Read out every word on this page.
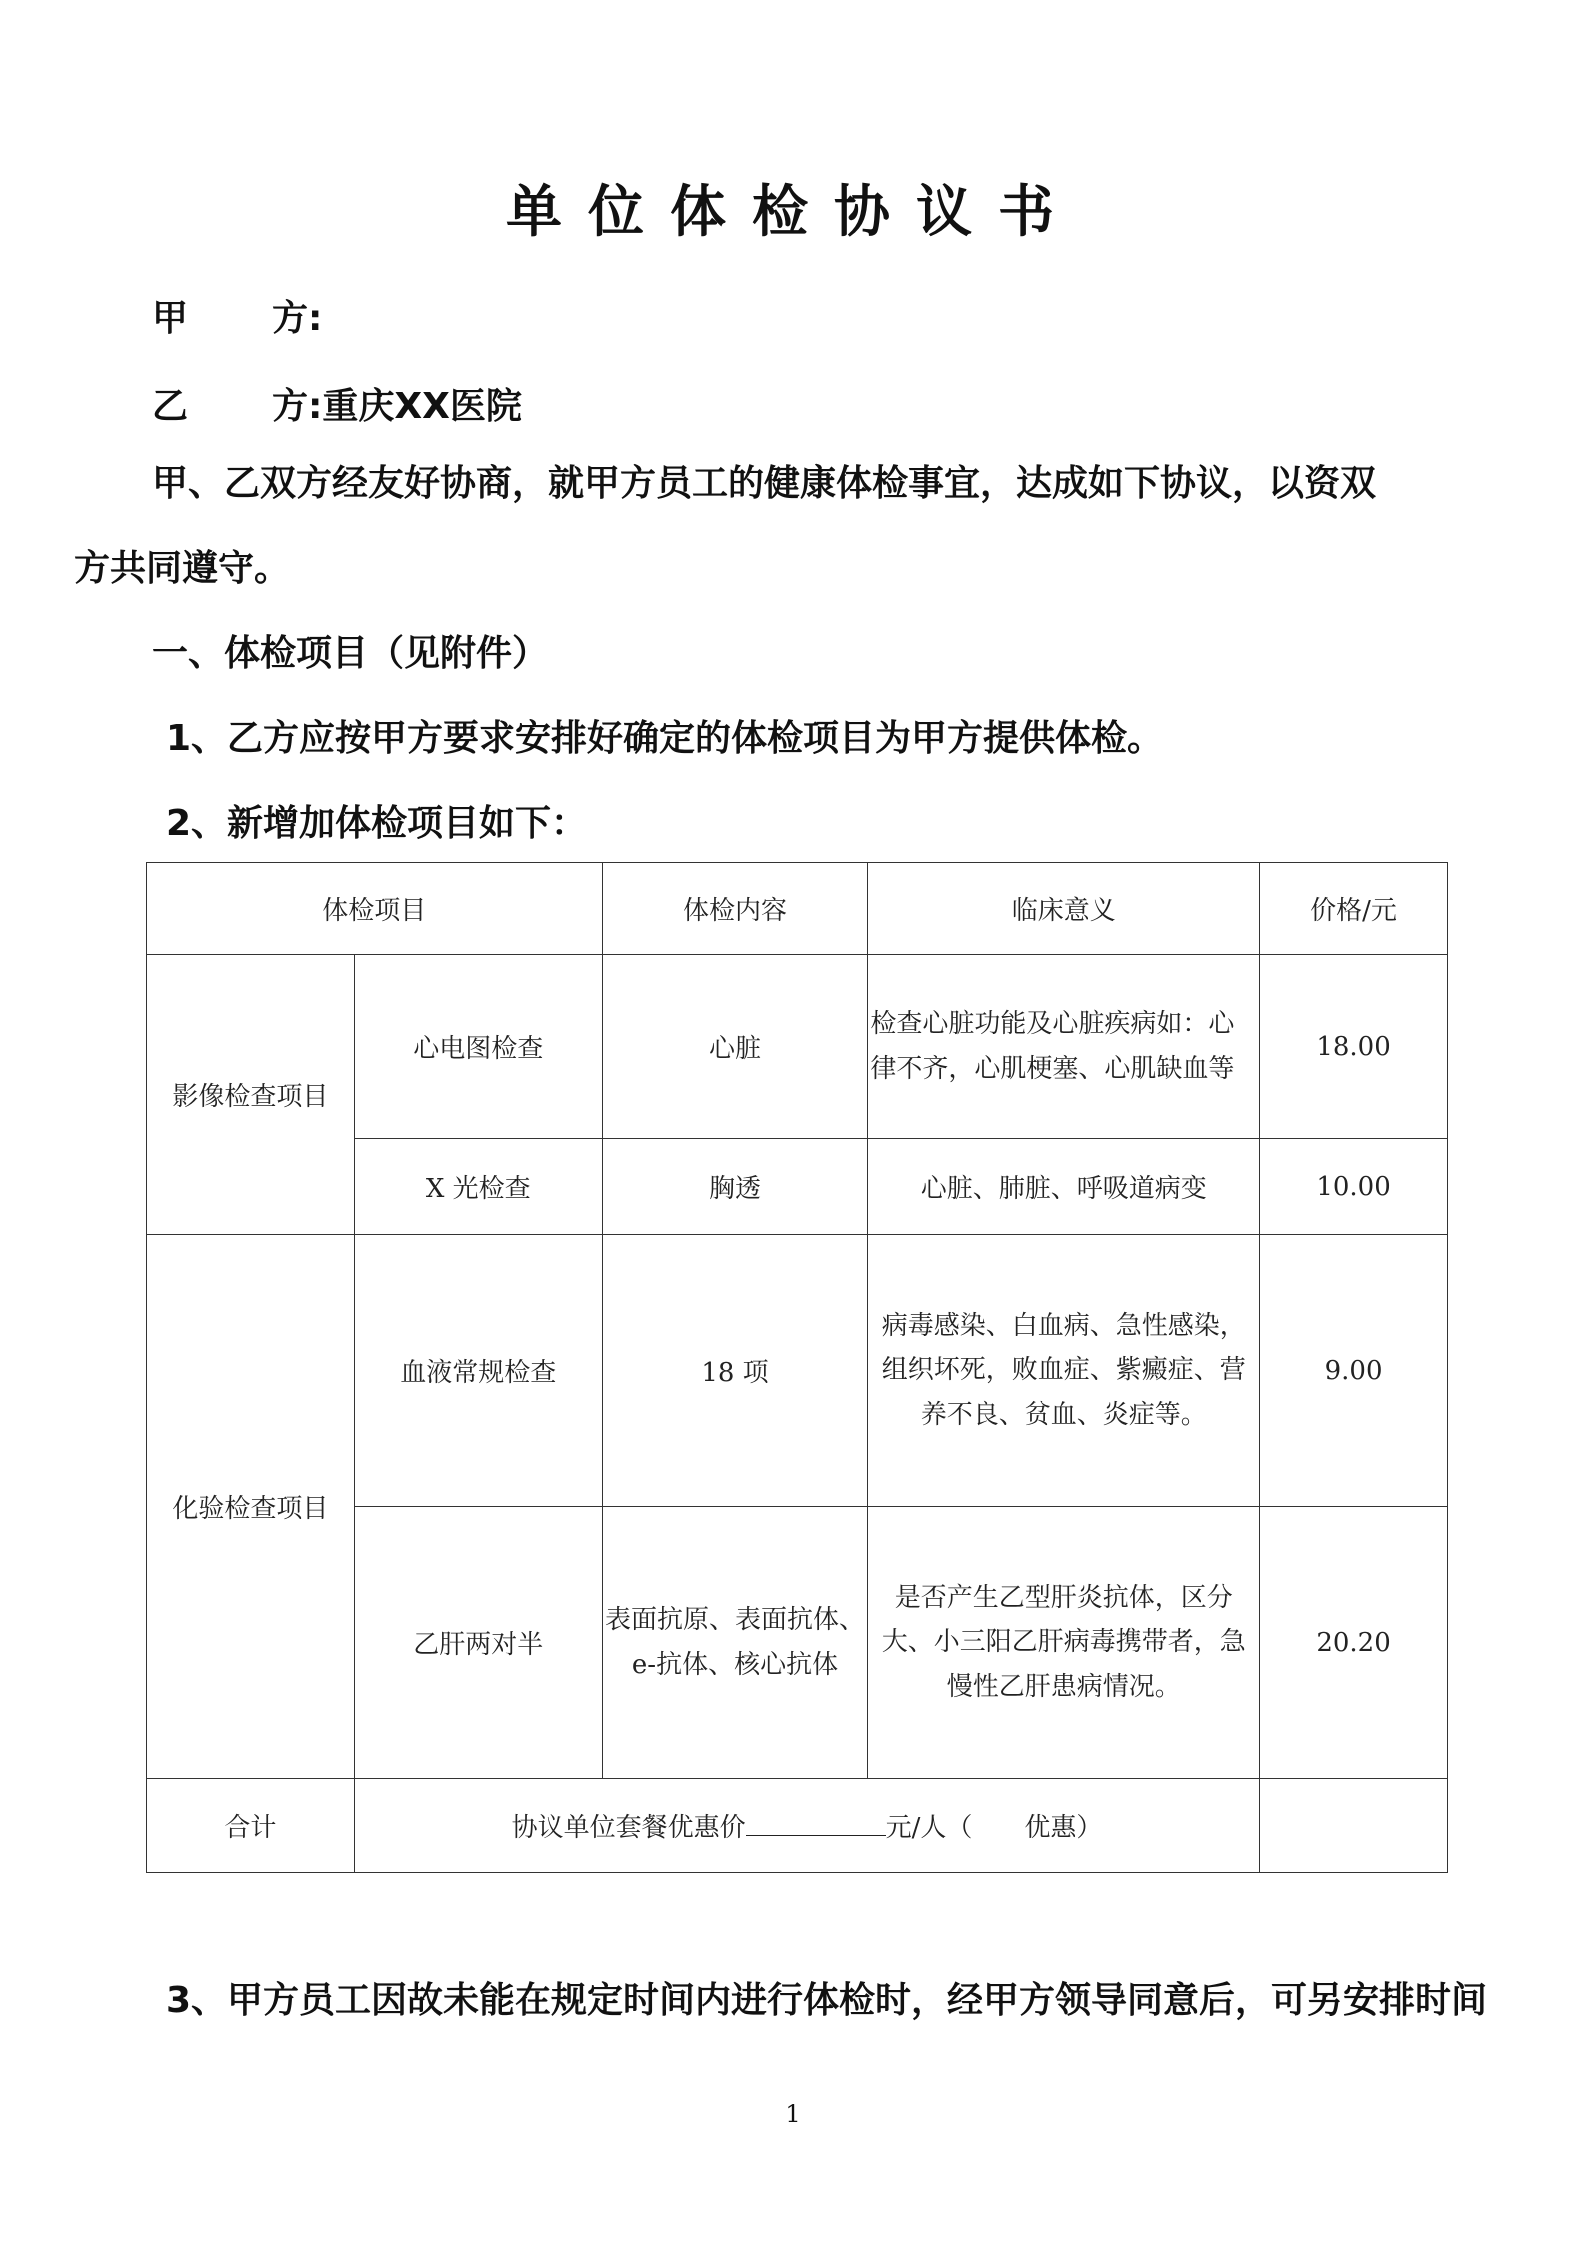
单位体检协议书
甲 方:
乙 方:重庆XX医院
甲、乙双方经友好协商，就甲方员工的健康体检事宜，达成如下协议，以资双
方共同遵守。
一、体检项目（见附件）
1、乙方应按甲方要求安排好确定的体检项目为甲方提供体检。
2、新增加体检项目如下：
体检项目		体检内容	临床意义	价格/元
影像检查项目	心电图检查	心脏	检查心脏功能及心脏疾病如：心律不齐，心肌梗塞、心肌缺血等	18.00
	X 光检查	胸透	心脏、肺脏、呼吸道病变	10.00
化验检查项目	血液常规检查	18 项	病毒感染、白血病、急性感染，组织坏死，败血症、紫癜症、营养不良、贫血、炎症等。	9.00
	乙肝两对半	表面抗原、表面抗体、e-抗体、核心抗体	是否产生乙型肝炎抗体，区分大、小三阳乙肝病毒携带者，急慢性乙肝患病情况。	20.20
合计	协议单位套餐优惠价 元/人（　　优惠）			
3、甲方员工因故未能在规定时间内进行体检时，经甲方领导同意后，可另安排时间
1
